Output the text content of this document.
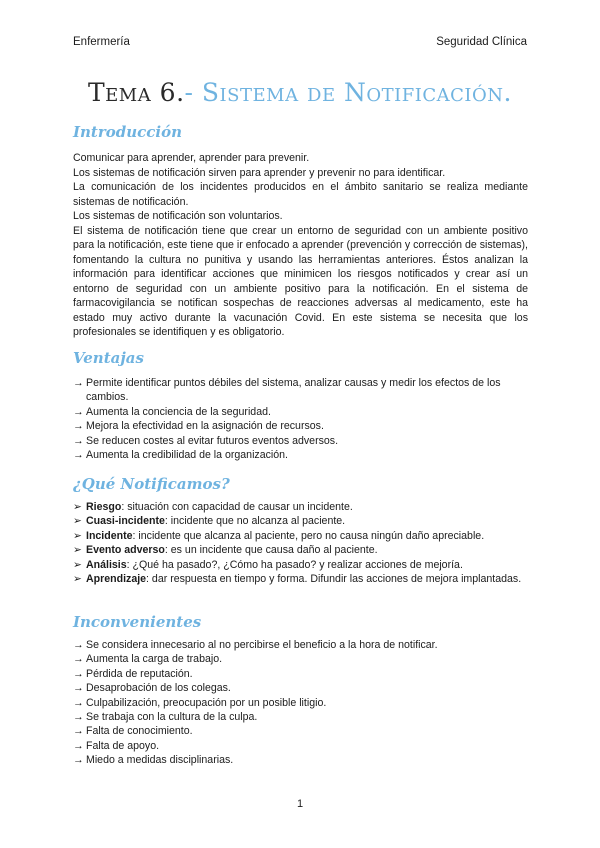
Enfermería	Seguridad Clínica
Tema 6.- Sistema de Notificación.
Introducción

Comunicar para aprender, aprender para prevenir.

Los sistemas de notificación sirven para aprender y prevenir no para identificar.

La comunicación de los incidentes producidos en el ámbito sanitario se realiza mediante sistemas de notificación.

Los sistemas de notificación son voluntarios.

El sistema de notificación tiene que crear un entorno de seguridad con un ambiente positivo para la notificación, este tiene que ir enfocado a aprender (prevención y corrección de sistemas), fomentando la cultura no punitiva y usando las herramientas anteriores. Éstos analizan la información para identificar acciones que minimicen los riesgos notificados y crear así un entorno de seguridad con un ambiente positivo para la notificación. En el sistema de farmacovigilancia se notifican sospechas de reacciones adversas al medicamento, este ha estado muy activo durante la vacunación Covid. En este sistema se necesita que los profesionales se identifiquen y es obligatorio.

Ventajas
→ Permite identificar puntos débiles del sistema, analizar causas y medir los efectos de los cambios.
→ Aumenta la conciencia de la seguridad.
→ Mejora la efectividad en la asignación de recursos.
→ Se reducen costes al evitar futuros eventos adversos.
→ Aumenta la credibilidad de la organización.
¿Qué Notificamos?
➢ Riesgo: situación con capacidad de causar un incidente.
➢ Cuasi-incidente: incidente que no alcanza al paciente.
➢ Incidente: incidente que alcanza al paciente, pero no causa ningún daño apreciable.
➢ Evento adverso: es un incidente que causa daño al paciente.
➢ Análisis: ¿Qué ha pasado?, ¿Cómo ha pasado? y realizar acciones de mejoría.
➢ Aprendizaje: dar respuesta en tiempo y forma. Difundir las acciones de mejora implantadas.
Inconvenientes
→ Se considera innecesario al no percibirse el beneficio a la hora de notificar.
→ Aumenta la carga de trabajo.
→ Pérdida de reputación.
→ Desaprobación de los colegas.
→ Culpabilización, preocupación por un posible litigio.
→ Se trabaja con la cultura de la culpa.
→ Falta de conocimiento.
→ Falta de apoyo.
→ Miedo a medidas disciplinarias.
1
